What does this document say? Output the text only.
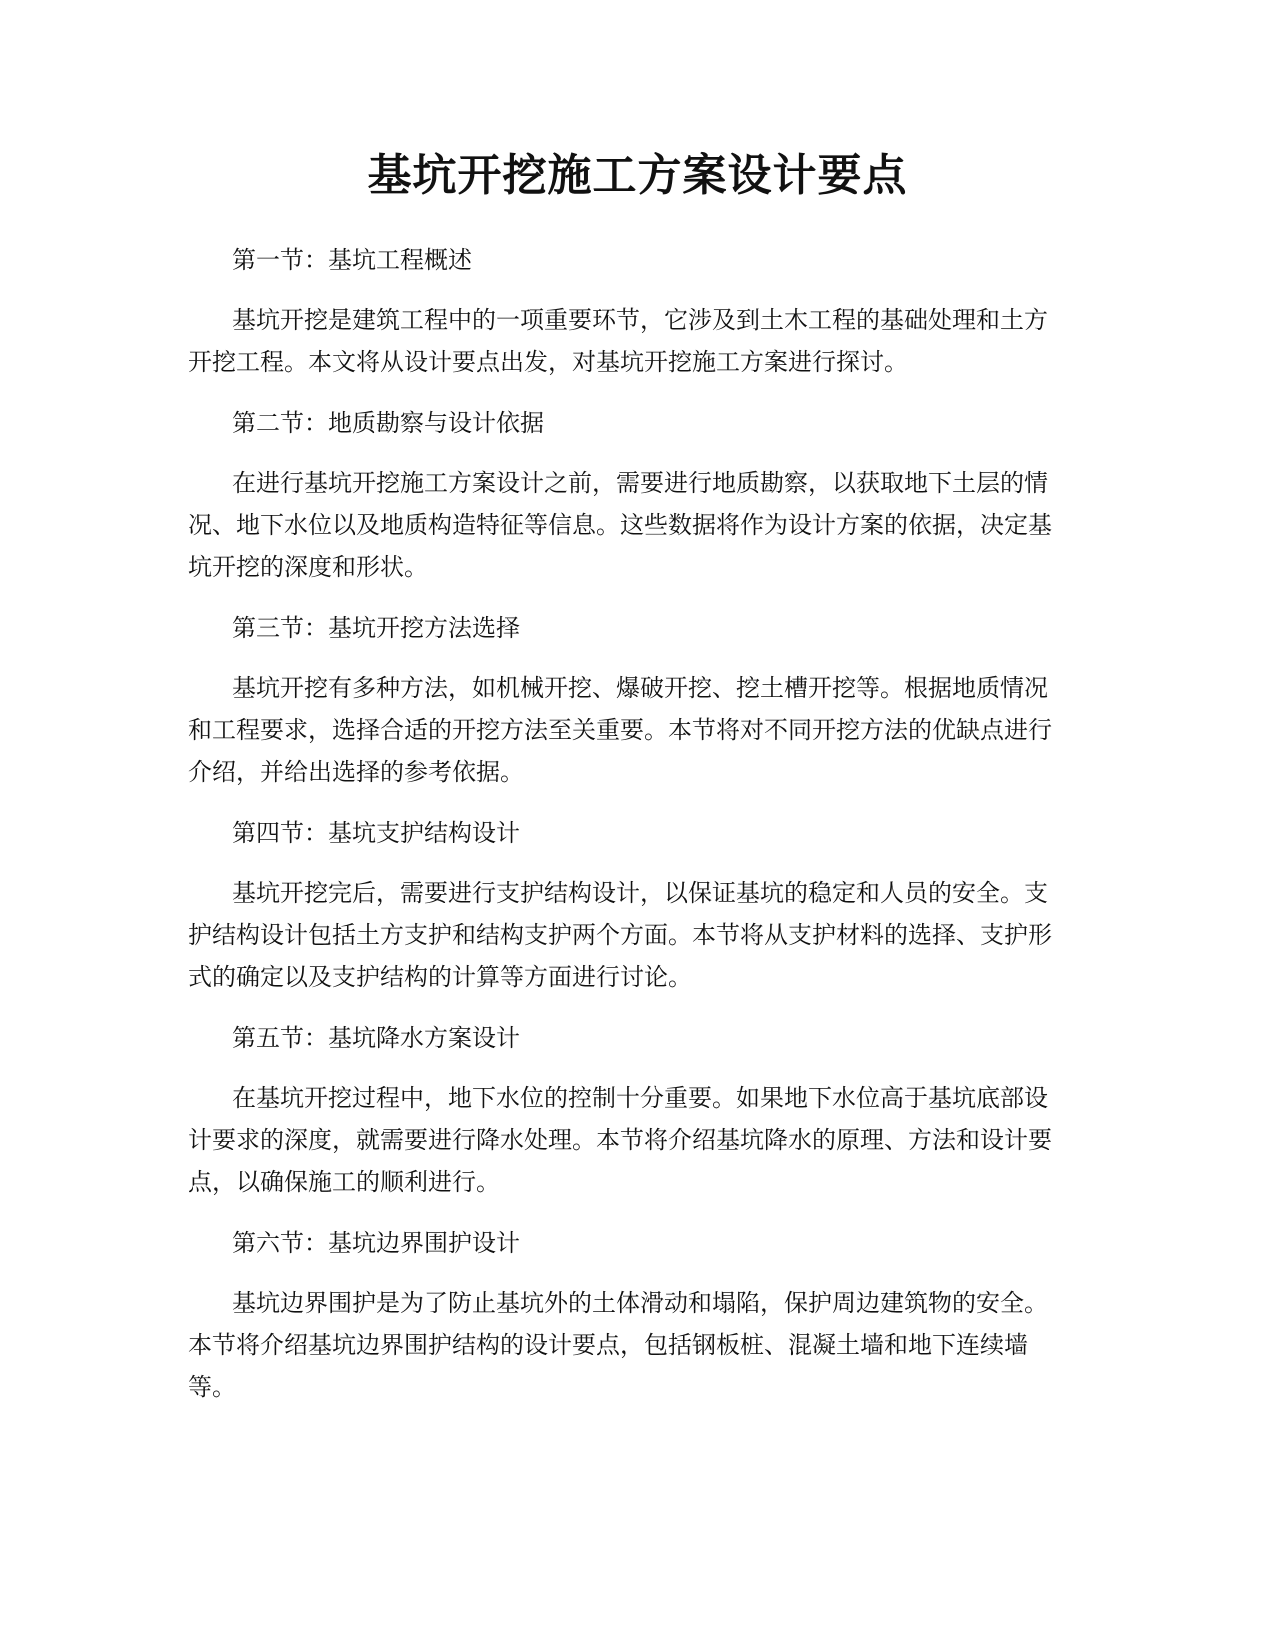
基坑开挖施工方案设计要点

第一节：基坑工程概述

基坑开挖是建筑工程中的一项重要环节，它涉及到土木工程的基础处理和土方
开挖工程。本文将从设计要点出发，对基坑开挖施工方案进行探讨。

第二节：地质勘察与设计依据

在进行基坑开挖施工方案设计之前，需要进行地质勘察，以获取地下土层的情
况、地下水位以及地质构造特征等信息。这些数据将作为设计方案的依据，决定基
坑开挖的深度和形状。

第三节：基坑开挖方法选择

基坑开挖有多种方法，如机械开挖、爆破开挖、挖土槽开挖等。根据地质情况
和工程要求，选择合适的开挖方法至关重要。本节将对不同开挖方法的优缺点进行
介绍，并给出选择的参考依据。

第四节：基坑支护结构设计

基坑开挖完后，需要进行支护结构设计，以保证基坑的稳定和人员的安全。支
护结构设计包括土方支护和结构支护两个方面。本节将从支护材料的选择、支护形
式的确定以及支护结构的计算等方面进行讨论。

第五节：基坑降水方案设计

在基坑开挖过程中，地下水位的控制十分重要。如果地下水位高于基坑底部设
计要求的深度，就需要进行降水处理。本节将介绍基坑降水的原理、方法和设计要
点，以确保施工的顺利进行。

第六节：基坑边界围护设计

基坑边界围护是为了防止基坑外的土体滑动和塌陷，保护周边建筑物的安全。
本节将介绍基坑边界围护结构的设计要点，包括钢板桩、混凝土墙和地下连续墙
等。
